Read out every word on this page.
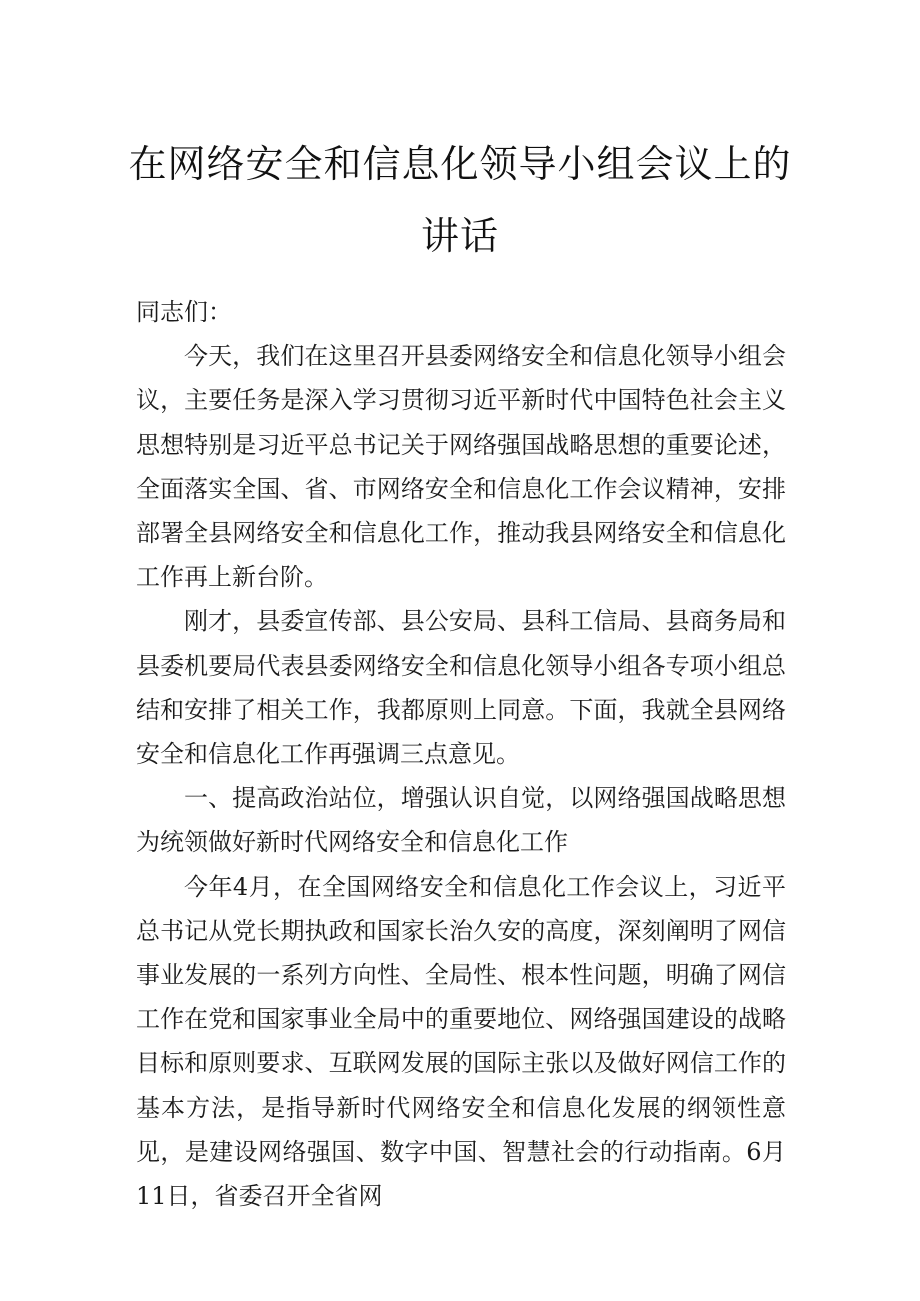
在网络安全和信息化领导小组会议上的讲话

同志们：

今天，我们在这里召开县委网络安全和信息化领导小组会议，主要任务是深入学习贯彻习近平新时代中国特色社会主义思想特别是习近平总书记关于网络强国战略思想的重要论述，全面落实全国、省、市网络安全和信息化工作会议精神，安排部署全县网络安全和信息化工作，推动我县网络安全和信息化工作再上新台阶。

刚才，县委宣传部、县公安局、县科工信局、县商务局和县委机要局代表县委网络安全和信息化领导小组各专项小组总结和安排了相关工作，我都原则上同意。下面，我就全县网络安全和信息化工作再强调三点意见。

一、提高政治站位，增强认识自觉，以网络强国战略思想为统领做好新时代网络安全和信息化工作

今年4月，在全国网络安全和信息化工作会议上，习近平总书记从党长期执政和国家长治久安的高度，深刻阐明了网信事业发展的一系列方向性、全局性、根本性问题，明确了网信工作在党和国家事业全局中的重要地位、网络强国建设的战略目标和原则要求、互联网发展的国际主张以及做好网信工作的基本方法，是指导新时代网络安全和信息化发展的纲领性意见，是建设网络强国、数字中国、智慧社会的行动指南。6月11日，省委召开全省网
